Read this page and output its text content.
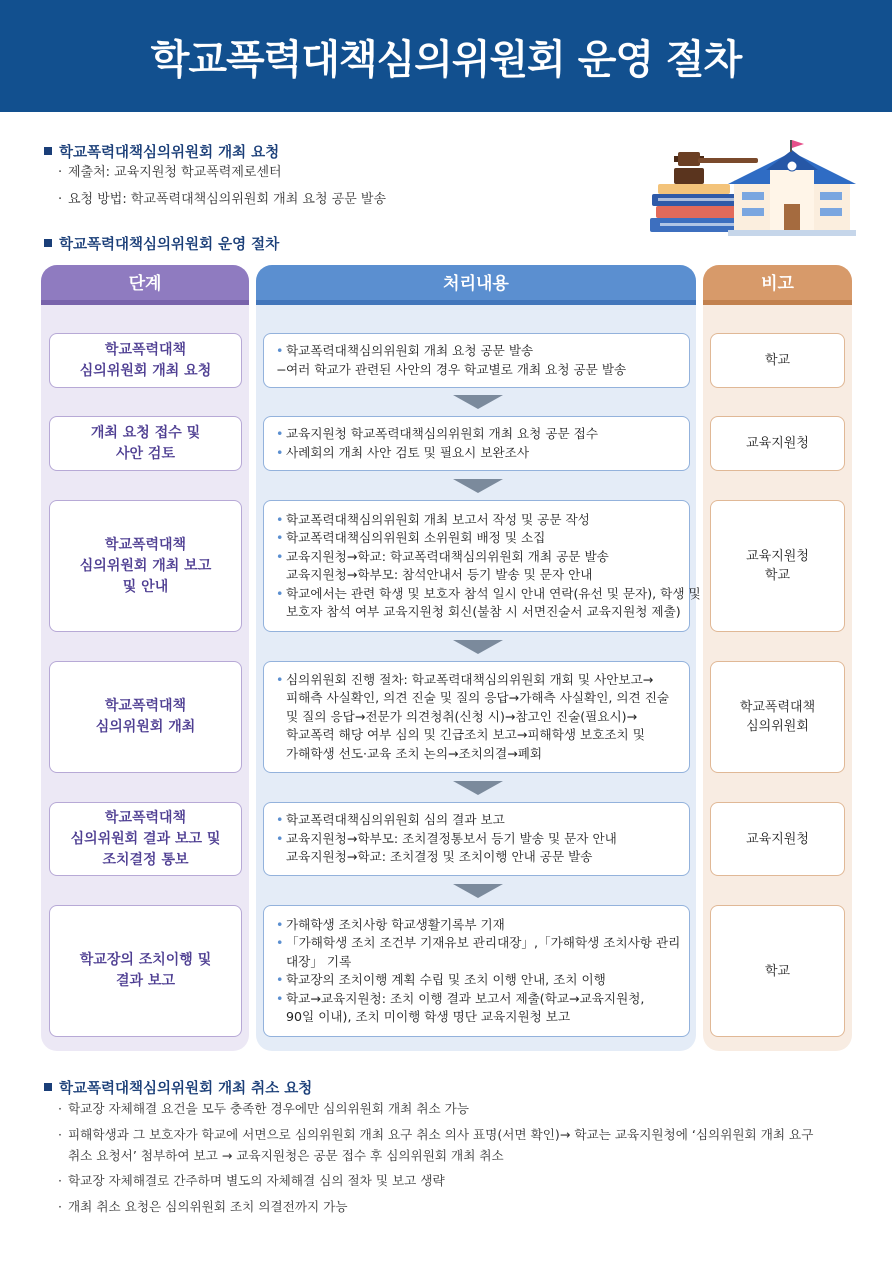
학교폭력대책심의위원회 운영 절차
학교폭력대책심의위원회 개최 요청
· 제출처: 교육지원청 학교폭력제로센터
· 요청 방법: 학교폭력대책심의위원회 개최 요청 공문 발송
학교폭력대책심의위원회 운영 절차
단계	처리내용	비고
학교폭력대책
심의위원회 개최 요청
• 학교폭력대책심의위원회 개최 요청 공문 발송
−여러 학교가 관련된 사안의 경우 학교별로 개최 요청 공문 발송
학교
개최 요청 접수 및
사안 검토
• 교육지원청 학교폭력대책심의위원회 개최 요청 공문 접수
• 사례회의 개최 사안 검토 및 필요시 보완조사
교육지원청
학교폭력대책
심의위원회 개최 보고
및 안내
• 학교폭력대책심의위원회 개최 보고서 작성 및 공문 작성
• 학교폭력대책심의위원회 소위원회 배정 및 소집
• 교육지원청→학교: 학교폭력대책심의위원회 개최 공문 발송
교육지원청→학부모: 참석안내서 등기 발송 및 문자 안내
• 학교에서는 관련 학생 및 보호자 참석 일시 안내 연락(유선 및 문자), 학생 및
보호자 참석 여부 교육지원청 회신(불참 시 서면진술서 교육지원청 제출)
교육지원청
학교
학교폭력대책
심의위원회 개최
• 심의위원회 진행 절차: 학교폭력대책심의위원회 개회 및 사안보고→
피해측 사실확인, 의견 진술 및 질의 응답→가해측 사실확인, 의견 진술
및 질의 응답→전문가 의견청취(신청 시)→참고인 진술(필요시)→
학교폭력 해당 여부 심의 및 긴급조치 보고→피해학생 보호조치 및
가해학생 선도·교육 조치 논의→조치의결→폐회
학교폭력대책
심의위원회
학교폭력대책
심의위원회 결과 보고 및
조치결정 통보
• 학교폭력대책심의위원회 심의 결과 보고
• 교육지원청→학부모: 조치결정통보서 등기 발송 및 문자 안내
교육지원청→학교: 조치결정 및 조치이행 안내 공문 발송
교육지원청
학교장의 조치이행 및
결과 보고
• 가해학생 조치사항 학교생활기록부 기재
• 「가해학생 조치 조건부 기재유보 관리대장」,「가해학생 조치사항 관리
대장」 기록
• 학교장의 조치이행 계획 수립 및 조치 이행 안내, 조치 이행
• 학교→교육지원청: 조치 이행 결과 보고서 제출(학교→교육지원청,
90일 이내), 조치 미이행 학생 명단 교육지원청 보고
학교
학교폭력대책심의위원회 개최 취소 요청
· 학교장 자체해결 요건을 모두 충족한 경우에만 심의위원회 개최 취소 가능
· 피해학생과 그 보호자가 학교에 서면으로 심의위원회 개최 요구 취소 의사 표명(서면 확인)→ 학교는 교육지원청에 ‘심의위원회 개최 요구
취소 요청서’ 첨부하여 보고 → 교육지원청은 공문 접수 후 심의위원회 개최 취소
· 학교장 자체해결로 간주하며 별도의 자체해결 심의 절차 및 보고 생략
· 개최 취소 요청은 심의위원회 조치 의결전까지 가능
